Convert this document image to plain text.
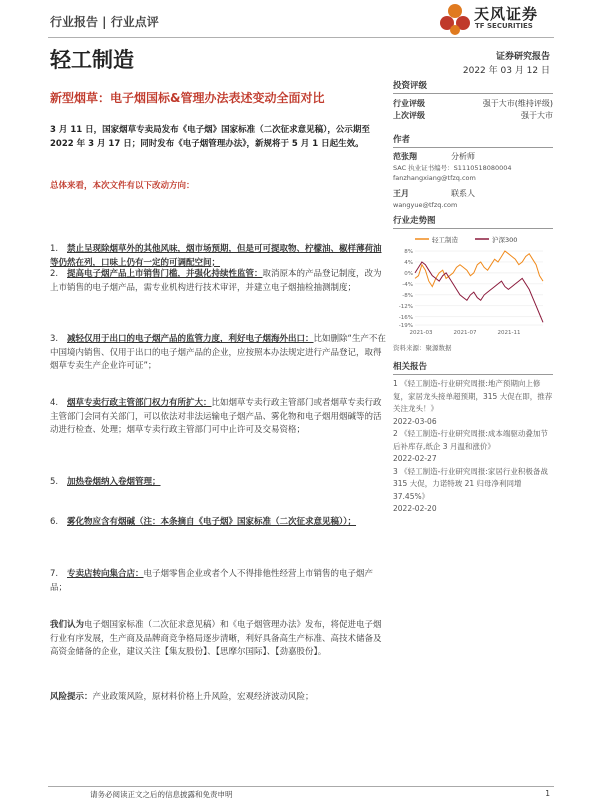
行业报告 | 行业点评	天风证券
TF SECURITIES
轻工制造	证券研究报告
2022 年 03 月 12 日
新型烟草：电子烟国标&管理办法表述变动全面对比
3 月 11 日，国家烟草专卖局发布《电子烟》国家标准（二次征求意见稿），公示期至 2022 年 3 月 17 日；同时发布《电子烟管理办法》，新规将于 5 月 1 日起生效。
总体来看，本次文件有以下改动方向：
1. 禁止呈现除烟草外的其他风味，烟市场预期，但是可可提取物、柠檬油、椒样薄荷油等仍然在列，口味上仍有一定的可调配空间；
2. 提高电子烟产品上市销售门槛，并强化持续性监管：取消原本的产品登记制度，改为上市销售的电子烟产品，需专业机构进行技术审评，并建立电子烟抽检抽测制度；
3. 减轻仅用于出口的电子烟产品的监管力度，利好电子烟海外出口：比如删除“生产不在中国境内销售、仅用于出口的电子烟产品的企业，应按照本办法规定进行产品登记，取得烟草专卖生产企业许可证”；
4. 烟草专卖行政主管部门权力有所扩大：比如烟草专卖行政主管部门或者烟草专卖行政主管部门会同有关部门，可以依法对非法运输电子烟产品、雾化物和电子烟用烟碱等的活动进行检查、处理；烟草专卖行政主管部门可中止许可及交易资格；
5. 加热卷烟纳入卷烟管理；
6. 雾化物应含有烟碱（注：本条摘自《电子烟》国家标准（二次征求意见稿））；
7. 专卖店转向集合店：电子烟零售企业或者个人不得排他性经营上市销售的电子烟产品；
我们认为电子烟国家标准（二次征求意见稿）和《电子烟管理办法》发布，将促进电子烟行业有序发展，生产商及品牌商竞争格局逐步清晰，利好具备高生产标准、高技术储备及高资金储备的企业，建议关注【集友股份】、【思摩尔国际】、【劲嘉股份】。
风险提示：产业政策风险，原材料价格上升风险，宏观经济波动风险；
投资评级
行业评级	强于大市(维持评级)
上次评级	强于大市
作者
范张翔	分析师
SAC 执业证书编号：S1110518080004
fanzhangxiang@tfzq.com
王月	联系人
wangyue@tfzq.com
行业走势图
轻工制造	沪深300
8%
4%
0%
-4%
-8%
-12%
-16%
-19%
2021-03	2021-07	2021-11
资料来源：聚源数据
相关报告
1 《轻工制造-行业研究周报:地产预期向上修复，家居龙头接单超预期，315 大促在即，推荐关注龙头！》
2022-03-06
2 《轻工制造-行业研究周报:成本端驱动叠加节后补库存,纸企 3 月温和涨价》
2022-02-27
3 《轻工制造-行业研究周报:家居行业积极备战 315 大促，力诺特玻 21 归母净利同增 37.45%》
2022-02-20
请务必阅读正文之后的信息披露和免责申明	1
